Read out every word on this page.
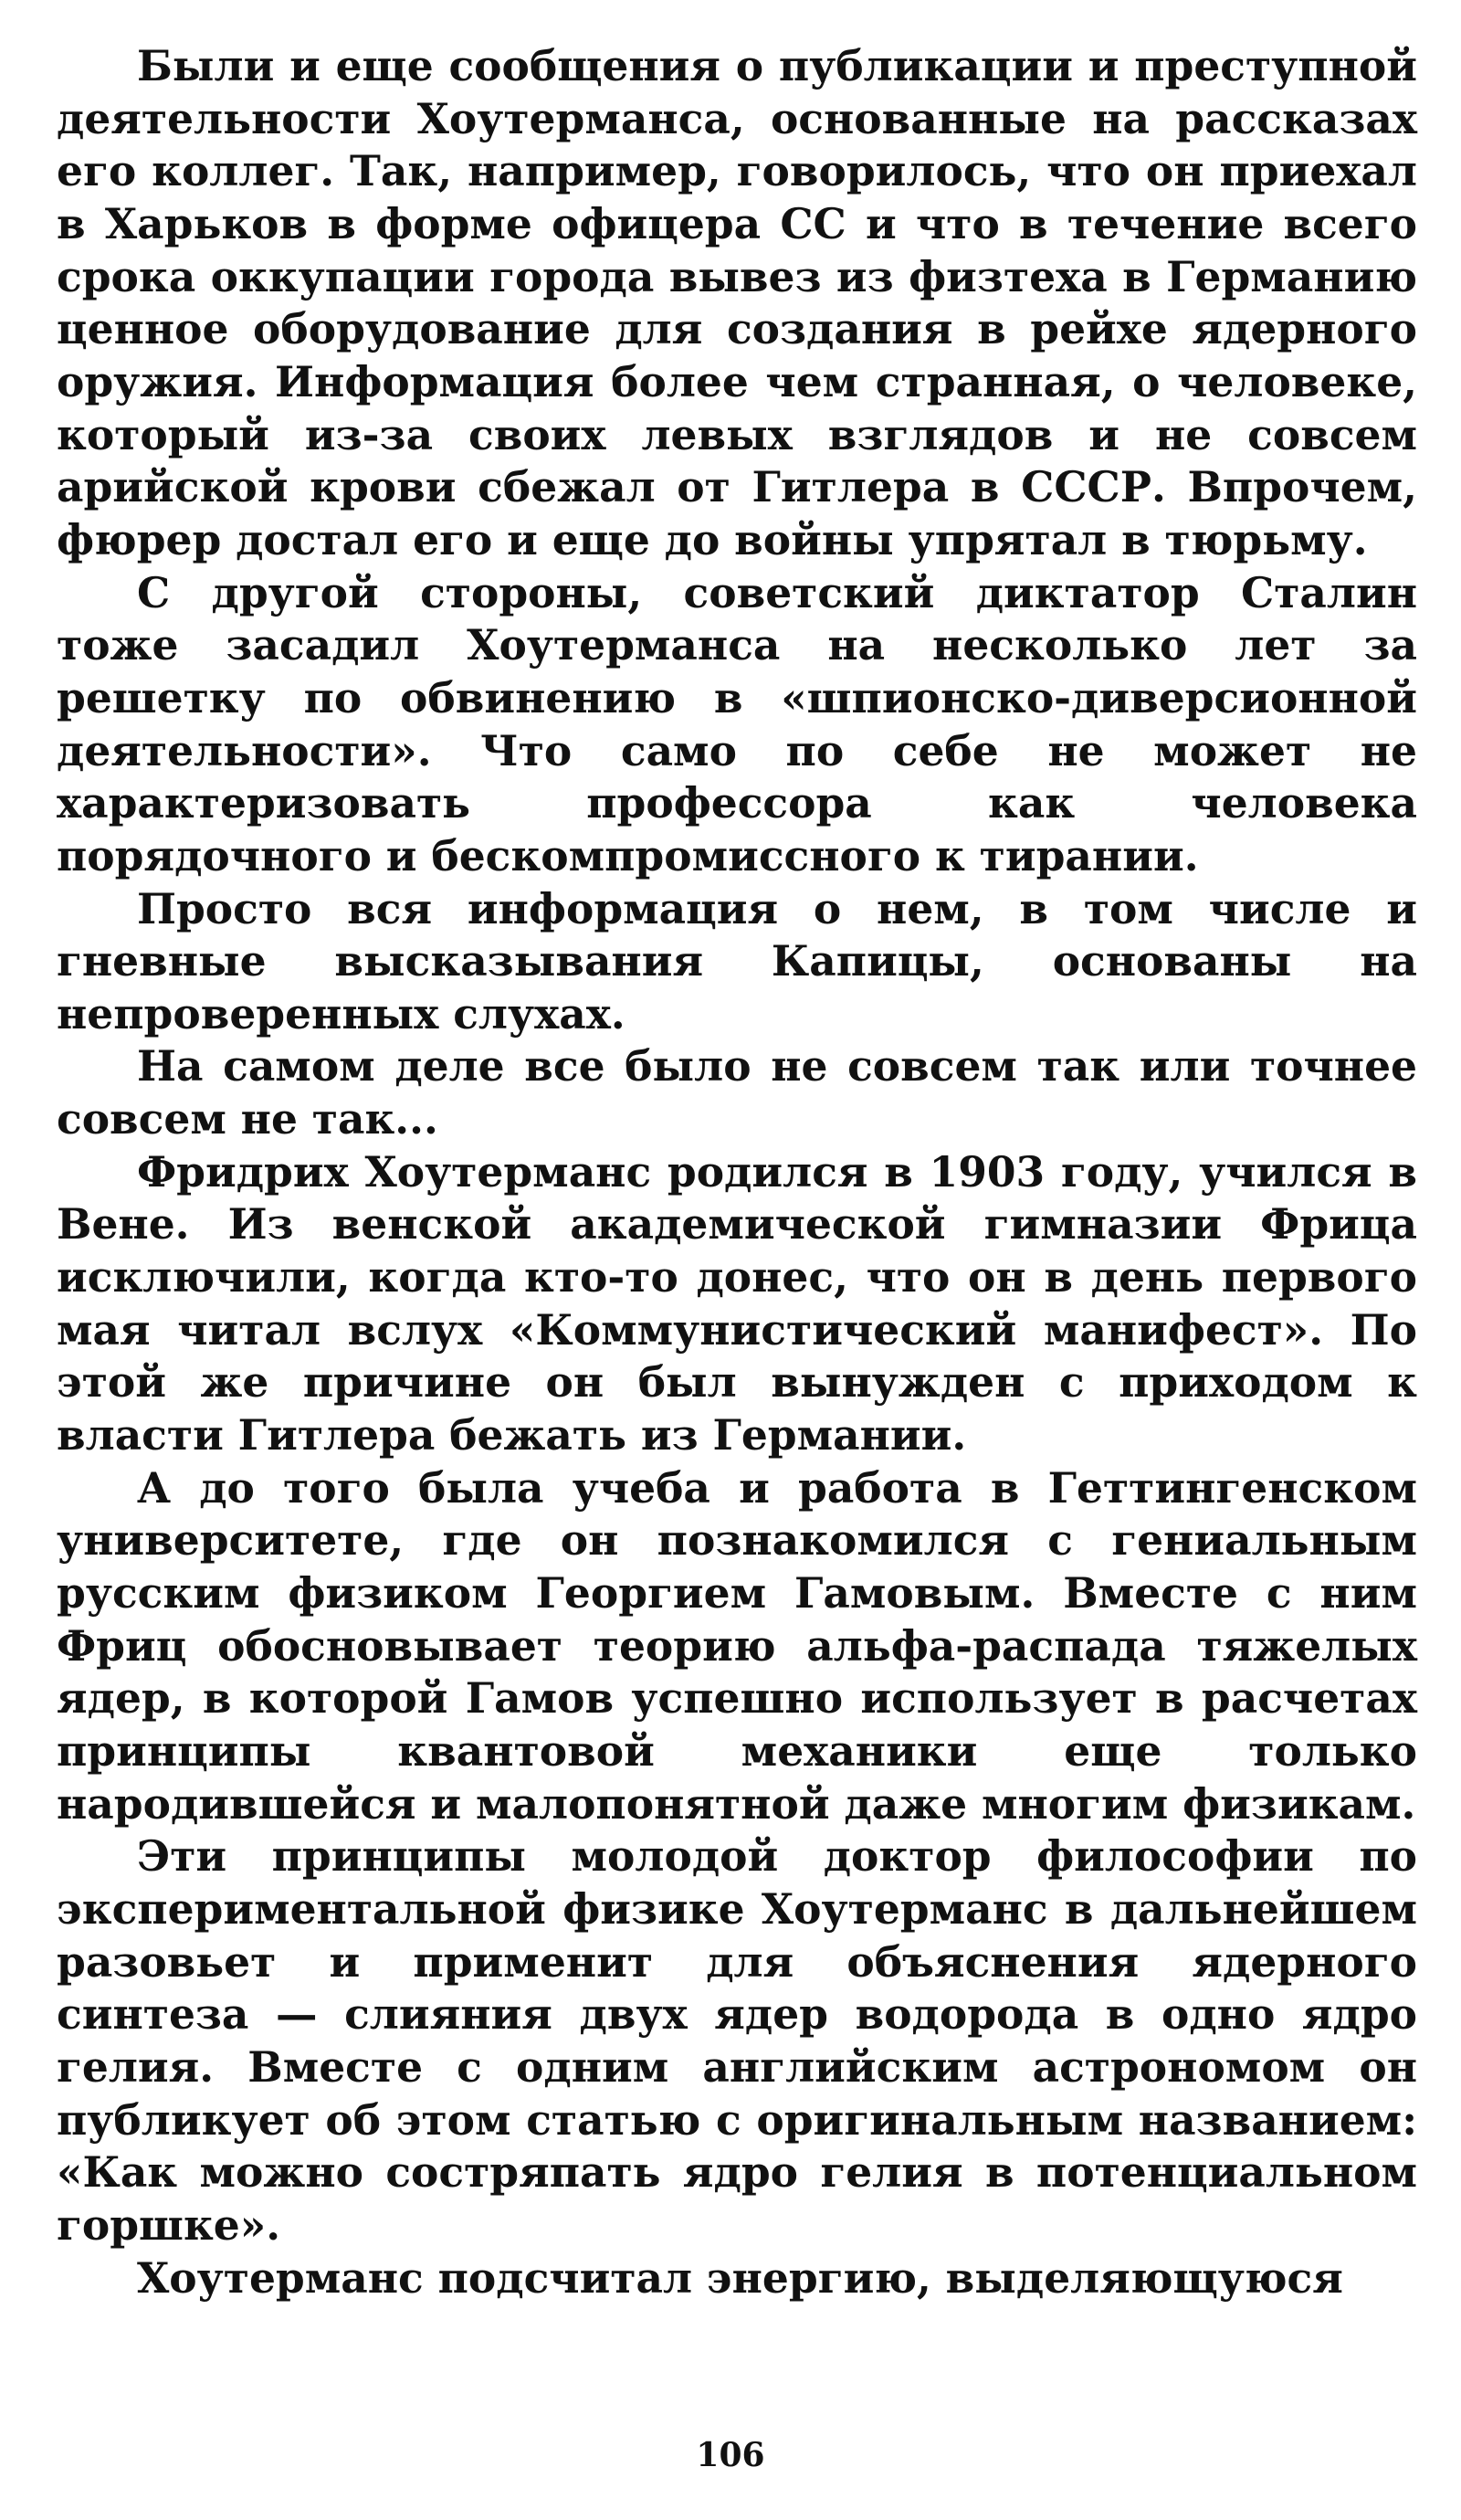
Были и еще сообщения о публикации и преступной деятельности Хоутерманса, основанные на рассказах его коллег. Так, например, говорилось, что он приехал в Харьков в форме офицера СС и что в течение всего срока оккупации города вывез из физтеха в Германию ценное оборудование для создания в рейхе ядерного оружия. Информация более чем странная, о человеке, который из-за своих левых взглядов и не совсем арийской крови сбежал от Гитлера в СССР. Впрочем, фюрер достал его и еще до войны упрятал в тюрьму.

С другой стороны, советский диктатор Сталин тоже засадил Хоутерманса на несколько лет за решетку по обвинению в «шпионско-диверсионной деятельности». Что само по себе не может не характеризовать профессора как человека порядочного и бескомпромиссного к тирании.

Просто вся информация о нем, в том числе и гневные высказывания Капицы, основаны на непроверенных слухах.

На самом деле все было не совсем так или точнее совсем не так...

Фридрих Хоутерманс родился в 1903 году, учился в Вене. Из венской академической гимназии Фрица исключили, когда кто-то донес, что он в день первого мая читал вслух «Коммунистический манифест». По этой же причине он был вынужден с приходом к власти Гитлера бежать из Германии.

А до того была учеба и работа в Геттингенском университете, где он познакомился с гениальным русским физиком Георгием Гамовым. Вместе с ним Фриц обосновывает теорию альфа-распада тяжелых ядер, в которой Гамов успешно использует в расчетах принципы квантовой механики еще только народившейся и малопонятной даже многим физикам.

Эти принципы молодой доктор философии по экспериментальной физике Хоутерманс в дальнейшем разовьет и применит для объяснения ядерного синтеза — слияния двух ядер водорода в одно ядро гелия. Вместе с одним английским астрономом он публикует об этом статью с оригинальным названием: «Как можно состряпать ядро гелия в потенциальном горшке».

Хоутерманс подсчитал энергию, выделяющуюся

106
